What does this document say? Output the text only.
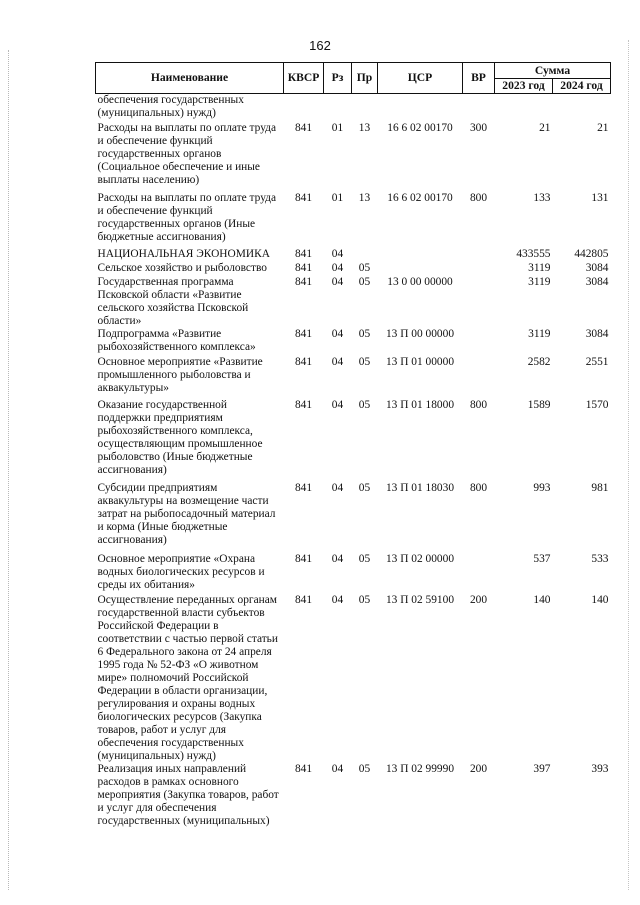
162
Наименование	КВСР	Рз	Пр	ЦСР	ВР	Сумма	
						2023 год	2024 год
обеспечения государственных (муниципальных) нужд)							
Расходы на выплаты по оплате труда и обеспечение функций государственных органов (Социальное обеспечение и иные выплаты населению)	841	01	13	16 6 02 00170	300	21	21
Расходы на выплаты по оплате труда и обеспечение функций государственных органов (Иные бюджетные ассигнования)	841	01	13	16 6 02 00170	800	133	131
НАЦИОНАЛЬНАЯ ЭКОНОМИКА	841	04				433555	442805
Сельское хозяйство и рыболовство	841	04	05			3119	3084
Государственная программа Псковской области «Развитие сельского хозяйства Псковской области»	841	04	05	13 0 00 00000		3119	3084
Подпрограмма «Развитие рыбохозяйственного комплекса»	841	04	05	13 П 00 00000		3119	3084
Основное мероприятие «Развитие промышленного рыболовства и аквакультуры»	841	04	05	13 П 01 00000		2582	2551
Оказание государственной поддержки предприятиям рыбохозяйственного комплекса, осуществляющим промышленное рыболовство (Иные бюджетные ассигнования)	841	04	05	13 П 01 18000	800	1589	1570
Субсидии предприятиям аквакультуры на возмещение части затрат на рыбопосадочный материал и корма (Иные бюджетные ассигнования)	841	04	05	13 П 01 18030	800	993	981
Основное мероприятие «Охрана водных биологических ресурсов и среды их обитания»	841	04	05	13 П 02 00000		537	533
Осуществление переданных органам государственной власти субъектов Российской Федерации в соответствии с частью первой статьи 6 Федерального закона от 24 апреля 1995 года № 52-ФЗ «О животном мире» полномочий Российской Федерации в области организации, регулирования и охраны водных биологических ресурсов (Закупка товаров, работ и услуг для обеспечения государственных (муниципальных) нужд)	841	04	05	13 П 02 59100	200	140	140
Реализация иных направлений расходов в рамках основного мероприятия (Закупка товаров, работ и услуг для обеспечения государственных (муниципальных)	841	04	05	13 П 02 99990	200	397	393
